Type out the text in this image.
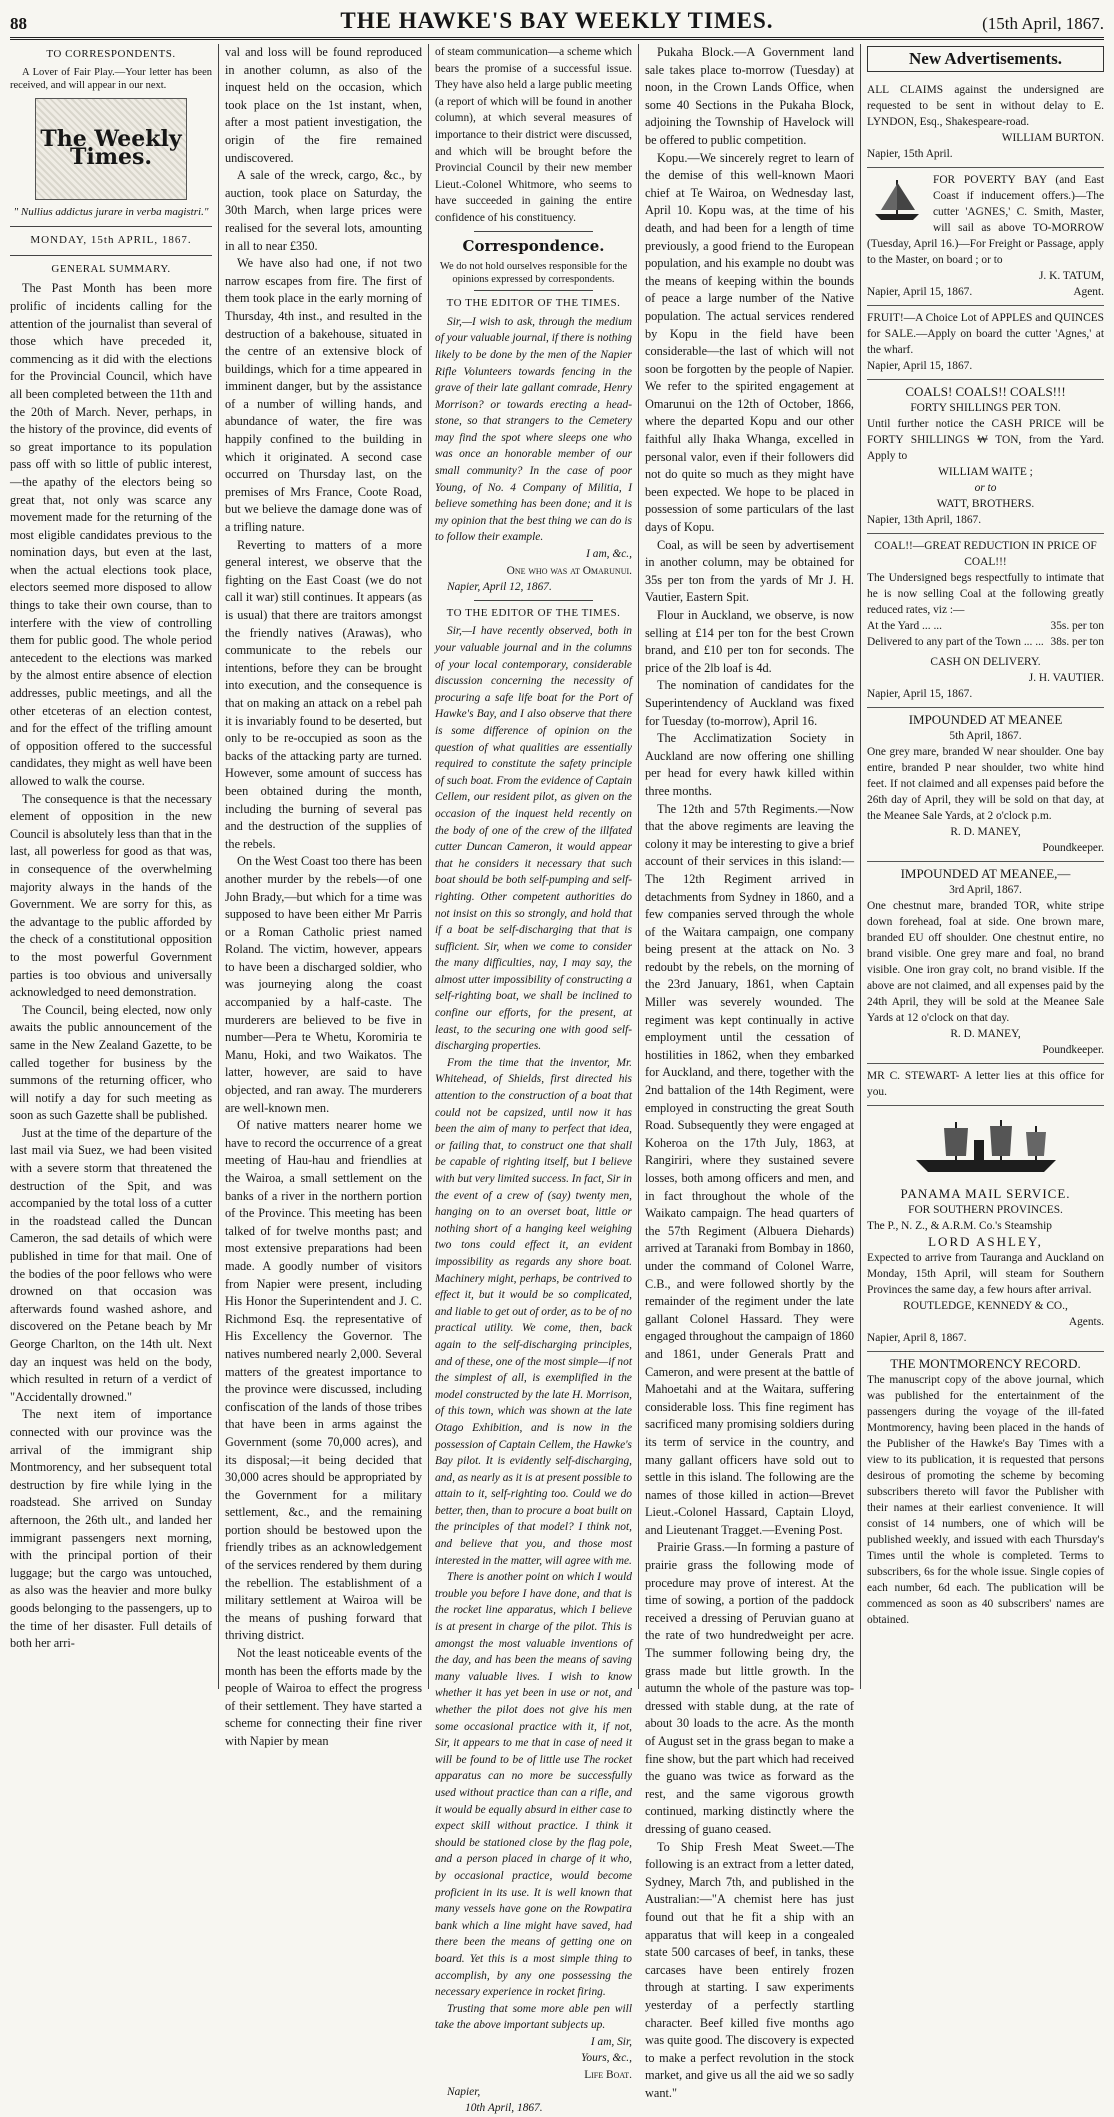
88	THE HAWKE'S BAY WEEKLY TIMES.	(15th April, 1867.
TO CORRESPONDENTS.

A Lover of Fair Play.—Your letter has been received, and will appear in our next.

The Weekly Times.

" Nullius addictus jurare in verba magistri."

MONDAY, 15th APRIL, 1867.

GENERAL SUMMARY.

The Past Month has been more prolific of incidents calling for the attention of the journalist than several of those which have preceded it, commencing as it did with the elections for the Provincial Council, which have all been completed between the 11th and the 20th of March. Never, perhaps, in the history of the province, did events of so great importance to its population pass off with so little of public interest,—the apathy of the electors being so great that, not only was scarce any movement made for the returning of the most eligible candidates previous to the nomination days, but even at the last, when the actual elections took place, electors seemed more disposed to allow things to take their own course, than to interfere with the view of controlling them for public good. The whole period antecedent to the elections was marked by the almost entire absence of election addresses, public meetings, and all the other etceteras of an election contest, and for the effect of the trifling amount of opposition offered to the successful candidates, they might as well have been allowed to walk the course.

The consequence is that the necessary element of opposition in the new Council is absolutely less than that in the last, all powerless for good as that was, in consequence of the overwhelming majority always in the hands of the Government. We are sorry for this, as the advantage to the public afforded by the check of a constitutional opposition to the most powerful Government parties is too obvious and universally acknowledged to need demonstration.

The Council, being elected, now only awaits the public announcement of the same in the New Zealand Gazette, to be called together for business by the summons of the returning officer, who will notify a day for such meeting as soon as such Gazette shall be published.

Just at the time of the departure of the last mail via Suez, we had been visited with a severe storm that threatened the destruction of the Spit, and was accompanied by the total loss of a cutter in the roadstead called the Duncan Cameron, the sad details of which were published in time for that mail. One of the bodies of the poor fellows who were drowned on that occasion was afterwards found washed ashore, and discovered on the Petane beach by Mr George Charlton, on the 14th ult. Next day an inquest was held on the body, which resulted in return of a verdict of "Accidentally drowned."

The next item of importance connected with our province was the arrival of the immigrant ship Montmorency, and her subsequent total destruction by fire while lying in the roadstead. She arrived on Sunday afternoon, the 26th ult., and landed her immigrant passengers next morning, with the principal portion of their luggage; but the cargo was untouched, as also was the heavier and more bulky goods belonging to the passengers, up to the time of her disaster. Full details of both her arri-

val and loss will be found reproduced in another column, as also of the inquest held on the occasion, which took place on the 1st instant, when, after a most patient investigation, the origin of the fire remained undiscovered.

A sale of the wreck, cargo, &c., by auction, took place on Saturday, the 30th March, when large prices were realised for the several lots, amounting in all to near £350.

We have also had one, if not two narrow escapes from fire. The first of them took place in the early morning of Thursday, 4th inst., and resulted in the destruction of a bakehouse, situated in the centre of an extensive block of buildings, which for a time appeared in imminent danger, but by the assistance of a number of willing hands, and abundance of water, the fire was happily confined to the building in which it originated. A second case occurred on Thursday last, on the premises of Mrs France, Coote Road, but we believe the damage done was of a trifling nature.

Reverting to matters of a more general interest, we observe that the fighting on the East Coast (we do not call it war) still continues. It appears (as is usual) that there are traitors amongst the friendly natives (Arawas), who communicate to the rebels our intentions, before they can be brought into execution, and the consequence is that on making an attack on a rebel pah it is invariably found to be deserted, but only to be re-occupied as soon as the backs of the attacking party are turned. However, some amount of success has been obtained during the month, including the burning of several pas and the destruction of the supplies of the rebels.

On the West Coast too there has been another murder by the rebels—of one John Brady,—but which for a time was supposed to have been either Mr Parris or a Roman Catholic priest named Roland. The victim, however, appears to have been a discharged soldier, who was journeying along the coast accompanied by a half-caste. The murderers are believed to be five in number—Pera te Whetu, Koromiria te Manu, Hoki, and two Waikatos. The latter, however, are said to have objected, and ran away. The murderers are well-known men.

Of native matters nearer home we have to record the occurrence of a great meeting of Hau-hau and friendlies at the Wairoa, a small settlement on the banks of a river in the northern portion of the Province. This meeting has been talked of for twelve months past; and most extensive preparations had been made. A goodly number of visitors from Napier were present, including His Honor the Superintendent and J. C. Richmond Esq. the representative of His Excellency the Governor. The natives numbered nearly 2,000. Several matters of the greatest importance to the province were discussed, including confiscation of the lands of those tribes that have been in arms against the Government (some 70,000 acres), and its disposal;—it being decided that 30,000 acres should be appropriated by the Government for a military settlement, &c., and the remaining portion should be bestowed upon the friendly tribes as an acknowledgement of the services rendered by them during the rebellion. The establishment of a military settlement at Wairoa will be the means of pushing forward that thriving district.

Not the least noticeable events of the month has been the efforts made by the people of Wairoa to effect the progress of their settlement. They have started a scheme for connecting their fine river with Napier by mean

of steam communication—a scheme which bears the promise of a successful issue. They have also held a large public meeting (a report of which will be found in another column), at which several measures of importance to their district were discussed, and which will be brought before the Provincial Council by their new member Lieut.-Colonel Whitmore, who seems to have succeeded in gaining the entire confidence of his constituency.

Correspondence.

We do not hold ourselves responsible for the opinions expressed by correspondents.

TO THE EDITOR OF THE TIMES.

Sir,—I wish to ask, through the medium of your valuable journal, if there is nothing likely to be done by the men of the Napier Rifle Volunteers towards fencing in the grave of their late gallant comrade, Henry Morrison? or towards erecting a head-stone, so that strangers to the Cemetery may find the spot where sleeps one who was once an honorable member of our small community? In the case of poor Young, of No. 4 Company of Militia, I believe something has been done; and it is my opinion that the best thing we can do is to follow their example.

I am, &c.,

One who was at Omarunui.

Napier, April 12, 1867.

TO THE EDITOR OF THE TIMES.

Sir,—I have recently observed, both in your valuable journal and in the columns of your local contemporary, considerable discussion concerning the necessity of procuring a safe life boat for the Port of Hawke's Bay, and I also observe that there is some difference of opinion on the question of what qualities are essentially required to constitute the safety principle of such boat. From the evidence of Captain Cellem, our resident pilot, as given on the occasion of the inquest held recently on the body of one of the crew of the illfated cutter Duncan Cameron, it would appear that he considers it necessary that such boat should be both self-pumping and self-righting. Other competent authorities do not insist on this so strongly, and hold that if a boat be self-discharging that that is sufficient. Sir, when we come to consider the many difficulties, nay, I may say, the almost utter impossibility of constructing a self-righting boat, we shall be inclined to confine our efforts, for the present, at least, to the securing one with good self-discharging properties.

From the time that the inventor, Mr. Whitehead, of Shields, first directed his attention to the construction of a boat that could not be capsized, until now it has been the aim of many to perfect that idea, or failing that, to construct one that shall be capable of righting itself, but I believe with but very limited success. In fact, Sir in the event of a crew of (say) twenty men, hanging on to an overset boat, little or nothing short of a hanging keel weighing two tons could effect it, an evident impossibility as regards any shore boat. Machinery might, perhaps, be contrived to effect it, but it would be so complicated, and liable to get out of order, as to be of no practical utility. We come, then, back again to the self-discharging principles, and of these, one of the most simple—if not the simplest of all, is exemplified in the model constructed by the late H. Morrison, of this town, which was shown at the late Otago Exhibition, and is now in the possession of Captain Cellem, the Hawke's Bay pilot. It is evidently self-discharging, and, as nearly as it is at present possible to attain to it, self-righting too. Could we do better, then, than to procure a boat built on the principles of that model? I think not, and believe that you, and those most interested in the matter, will agree with me.

There is another point on which I would trouble you before I have done, and that is the rocket line apparatus, which I believe is at present in charge of the pilot. This is amongst the most valuable inventions of the day, and has been the means of saving many valuable lives. I wish to know whether it has yet been in use or not, and whether the pilot does not give his men some occasional practice with it, if not, Sir, it appears to me that in case of need it will be found to be of little use The rocket apparatus can no more be successfully used without practice than can a rifle, and it would be equally absurd in either case to expect skill without practice. I think it should be stationed close by the flag pole, and a person placed in charge of it who, by occasional practice, would become proficient in its use. It is well known that many vessels have gone on the Rowpatira bank which a line might have saved, had there been the means of getting one on board. Yet this is a most simple thing to accomplish, by any one possessing the necessary experience in rocket firing.

Trusting that some more able pen will take the above important subjects up.

I am, Sir,

Yours, &c.,

Life Boat.

Napier,

10th April, 1867.

Pukaha Block.—A Government land sale takes place to-morrow (Tuesday) at noon, in the Crown Lands Office, when some 40 Sections in the Pukaha Block, adjoining the Township of Havelock will be offered to public competition.

Kopu.—We sincerely regret to learn of the demise of this well-known Maori chief at Te Wairoa, on Wednesday last, April 10. Kopu was, at the time of his death, and had been for a length of time previously, a good friend to the European population, and his example no doubt was the means of keeping within the bounds of peace a large number of the Native population. The actual services rendered by Kopu in the field have been considerable—the last of which will not soon be forgotten by the people of Napier. We refer to the spirited engagement at Omarunui on the 12th of October, 1866, where the departed Kopu and our other faithful ally Ihaka Whanga, excelled in personal valor, even if their followers did not do quite so much as they might have been expected. We hope to be placed in possession of some particulars of the last days of Kopu.

Coal, as will be seen by advertisement in another column, may be obtained for 35s per ton from the yards of Mr J. H. Vautier, Eastern Spit.

Flour in Auckland, we observe, is now selling at £14 per ton for the best Crown brand, and £10 per ton for seconds. The price of the 2lb loaf is 4d.

The nomination of candidates for the Superintendency of Auckland was fixed for Tuesday (to-morrow), April 16.

The Acclimatization Society in Auckland are now offering one shilling per head for every hawk killed within three months.

The 12th and 57th Regiments.—Now that the above regiments are leaving the colony it may be interesting to give a brief account of their services in this island:—The 12th Regiment arrived in detachments from Sydney in 1860, and a few companies served through the whole of the Waitara campaign, one company being present at the attack on No. 3 redoubt by the rebels, on the morning of the 23rd January, 1861, when Captain Miller was severely wounded. The regiment was kept continually in active employment until the cessation of hostilities in 1862, when they embarked for Auckland, and there, together with the 2nd battalion of the 14th Regiment, were employed in constructing the great South Road. Subsequently they were engaged at Koheroa on the 17th July, 1863, at Rangiriri, where they sustained severe losses, both among officers and men, and in fact throughout the whole of the Waikato campaign. The head quarters of the 57th Regiment (Albuera Diehards) arrived at Taranaki from Bombay in 1860, under the command of Colonel Warre, C.B., and were followed shortly by the remainder of the regiment under the late gallant Colonel Hassard. They were engaged throughout the campaign of 1860 and 1861, under Generals Pratt and Cameron, and were present at the battle of Mahoetahi and at the Waitara, suffering considerable loss. This fine regiment has sacrificed many promising soldiers during its term of service in the country, and many gallant officers have sold out to settle in this island. The following are the names of those killed in action—Brevet Lieut.-Colonel Hassard, Captain Lloyd, and Lieutenant Tragget.—Evening Post.

Prairie Grass.—In forming a pasture of prairie grass the following mode of procedure may prove of interest. At the time of sowing, a portion of the paddock received a dressing of Peruvian guano at the rate of two hundredweight per acre. The summer following being dry, the grass made but little growth. In the autumn the whole of the pasture was top-dressed with stable dung, at the rate of about 30 loads to the acre. As the month of August set in the grass began to make a fine show, but the part which had received the guano was twice as forward as the rest, and the same vigorous growth continued, marking distinctly where the dressing of guano ceased.

To Ship Fresh Meat Sweet.—The following is an extract from a letter dated, Sydney, March 7th, and published in the Australian:—"A chemist here has just found out that he fit a ship with an apparatus that will keep in a congealed state 500 carcases of beef, in tanks, these carcases have been entirely frozen through at starting. I saw experiments yesterday of a perfectly startling character. Beef killed five months ago was quite good. The discovery is expected to make a perfect revolution in the stock market, and give us all the aid we so sadly want."

New Advertisements.

ALL CLAIMS against the undersigned are requested to be sent in without delay to E. LYNDON, Esq., Shakespeare-road.

WILLIAM BURTON.

Napier, 15th April.

FOR POVERTY BAY (and East Coast if inducement offers.)—The cutter 'AGNES,' C. Smith, Master, will sail as above TO-MORROW (Tuesday, April 16.)—For Freight or Passage, apply to the Master, on board ; or to

J. K. TATUM,

Napier, April 15, 1867.	Agent.

FRUIT!—A Choice Lot of APPLES and QUINCES for SALE.—Apply on board the cutter 'Agnes,' at the wharf.

Napier, April 15, 1867.

COALS! COALS!! COALS!!!

FORTY SHILLINGS PER TON.

Until further notice the CASH PRICE will be FORTY SHILLINGS ₩ TON, from the Yard. Apply to

WILLIAM WAITE ;

or to

WATT, BROTHERS.

Napier, 13th April, 1867.

COAL!!—GREAT REDUCTION IN PRICE OF COAL!!!

The Undersigned begs respectfully to intimate that he is now selling Coal at the following greatly reduced rates, viz :—

At the Yard ... ...	35s. per ton
Delivered to any part of the Town ... ... 38s. per ton

CASH ON DELIVERY.

J. H. VAUTIER.

Napier, April 15, 1867.

IMPOUNDED AT MEANEE

5th April, 1867.

One grey mare, branded W near shoulder. One bay entire, branded P near shoulder, two white hind feet. If not claimed and all expenses paid before the 26th day of April, they will be sold on that day, at the Meanee Sale Yards, at 2 o'clock p.m.

R. D. MANEY,

Poundkeeper.

IMPOUNDED AT MEANEE,—

3rd April, 1867.

One chestnut mare, branded TOR, white stripe down forehead, foal at side. One brown mare, branded EU off shoulder. One chestnut entire, no brand visible. One grey mare and foal, no brand visible. One iron gray colt, no brand visible. If the above are not claimed, and all expenses paid by the 24th April, they will be sold at the Meanee Sale Yards at 12 o'clock on that day.

R. D. MANEY,

Poundkeeper.

MR C. STEWART- A letter lies at this office for you.

PANAMA MAIL SERVICE.

FOR SOUTHERN PROVINCES.

The P., N. Z., & A.R.M. Co.'s Steamship

LORD ASHLEY,

Expected to arrive from Tauranga and Auckland on Monday, 15th April, will steam for Southern Provinces the same day, a few hours after arrival.

ROUTLEDGE, KENNEDY & CO.,

Agents.

Napier, April 8, 1867.

THE MONTMORENCY RECORD.

The manuscript copy of the above journal, which was published for the entertainment of the passengers during the voyage of the ill-fated Montmorency, having been placed in the hands of the Publisher of the Hawke's Bay Times with a view to its publication, it is requested that persons desirous of promoting the scheme by becoming subscribers thereto will favor the Publisher with their names at their earliest convenience. It will consist of 14 numbers, one of which will be published weekly, and issued with each Thursday's Times until the whole is completed. Terms to subscribers, 6s for the whole issue. Single copies of each number, 6d each. The publication will be commenced as soon as 40 subscribers' names are obtained.
